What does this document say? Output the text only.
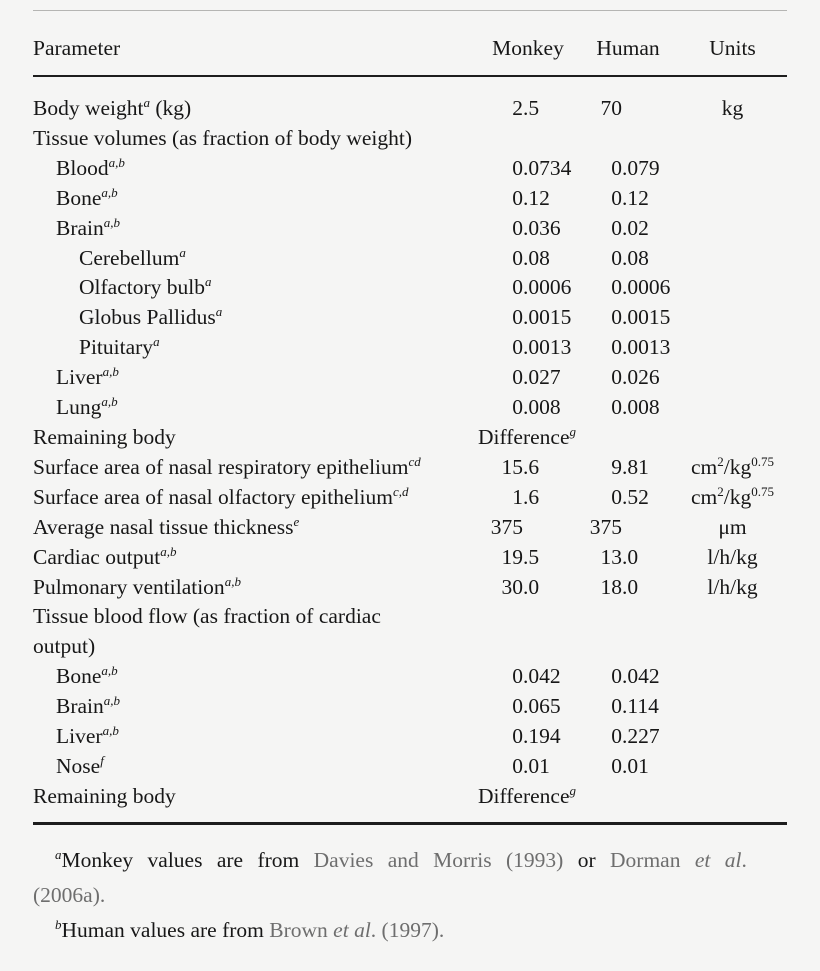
Parameter	Monkey	Human	Units
Body weight$^a$ (kg)	2.5	70	kg
Tissue volumes (as fraction of body weight)			
Blood$^{a,b}$	0.0734	0.079	
Bone$^{a,b}$	0.12	0.12	
Brain$^{a,b}$	0.036	0.02	
Cerebellum$^a$	0.08	0.08	
Olfactory bulb$^a$	0.0006	0.0006	
Globus Pallidus$^a$	0.0015	0.0015	
Pituitary$^a$	0.0013	0.0013	
Liver$^{a,b}$	0.027	0.026	
Lung$^{a,b}$	0.008	0.008	
Remaining body	Difference$^g$
Surface area of nasal respiratory epithelium$^{cd}$	15.6	9.81	$cm^2/kg^{0.75}$
Surface area of nasal olfactory epithelium$^{c,d}$	1.6	0.52	$cm^2/kg^{0.75}$
Average nasal tissue thickness$^e$	375	375	μm
Cardiac output$^{a,b}$	19.5	13.0	l/h/kg
Pulmonary ventilation$^{a,b}$	30.0	18.0	l/h/kg
Tissue blood flow (as fraction of cardiac
output)			
Bone$^{a,b}$	0.042	0.042	
Brain$^{a,b}$	0.065	0.114	
Liver$^{a,b}$	0.194	0.227	
Nose$^f$	0.01	0.01	
Remaining body	Difference$^g$
$^a$Monkey values are from Davies and Morris (1993) or Dorman et al.
(2006a).
$^b$Human values are from Brown et al. (1997).
